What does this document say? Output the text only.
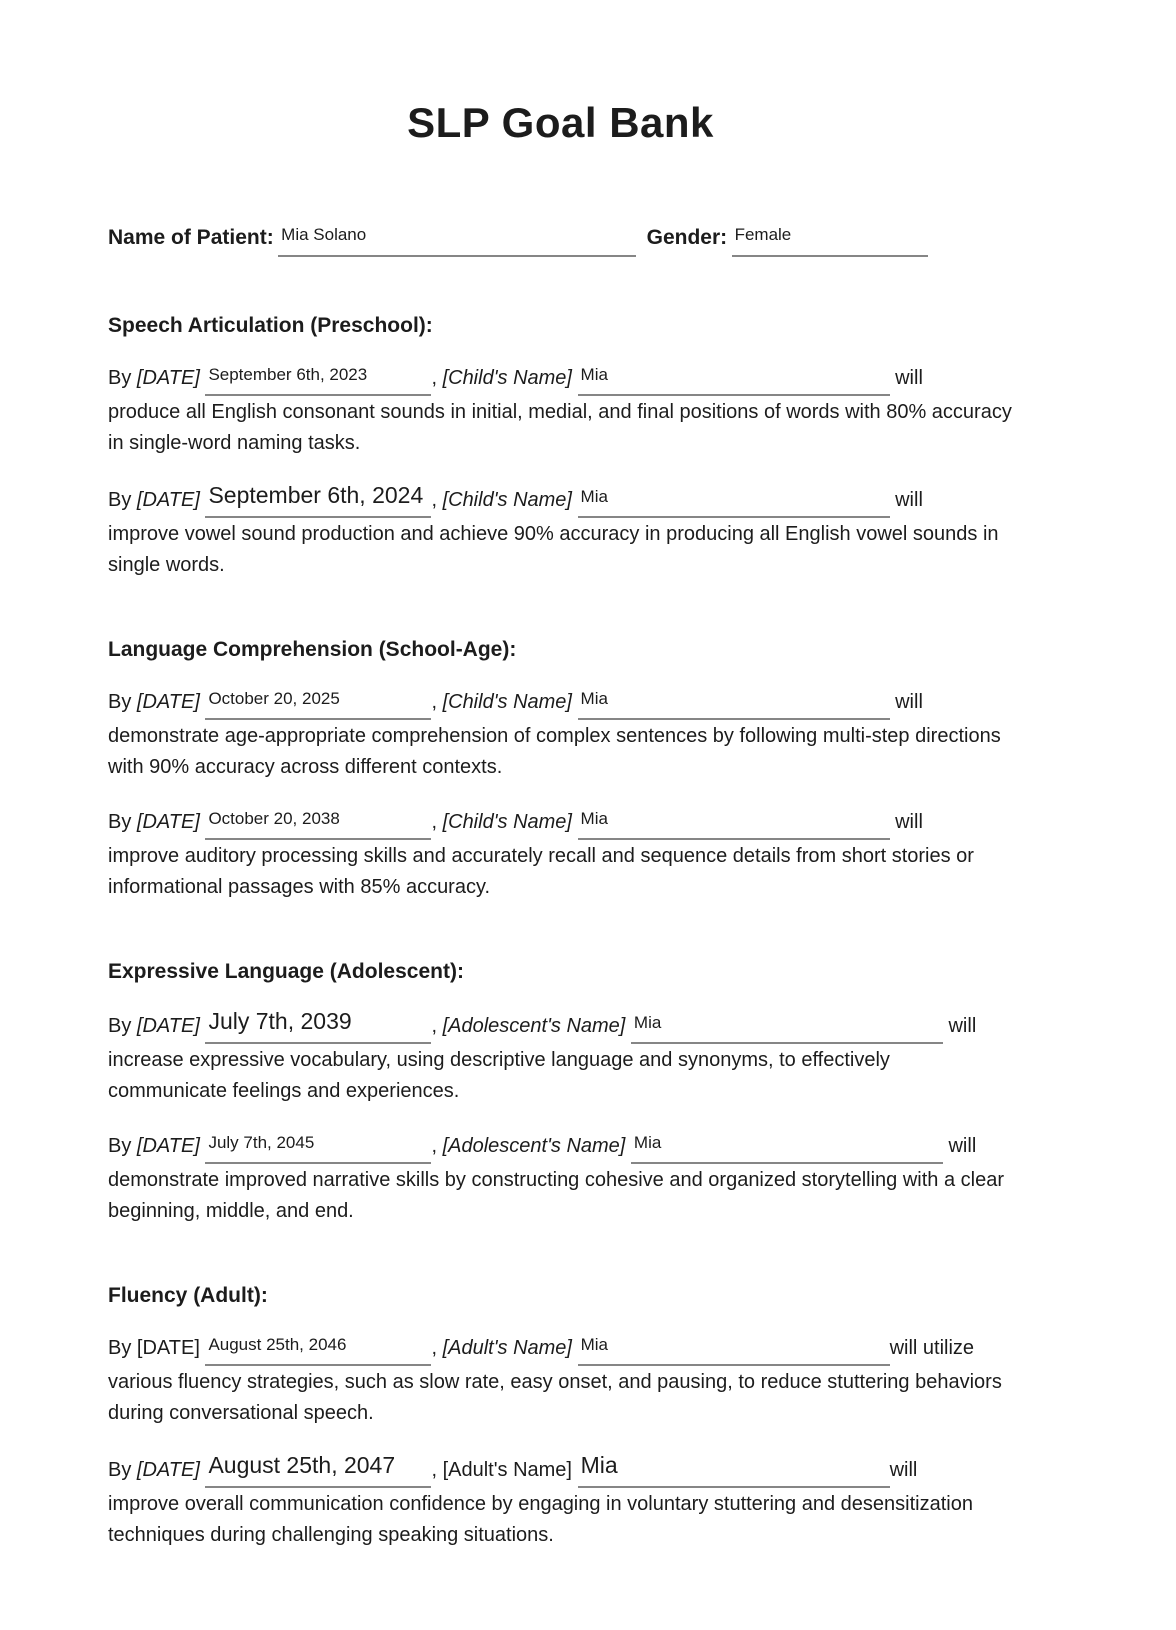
SLP Goal Bank
Name of Patient: Mia Solano	Gender: Female
Speech Articulation (Preschool):
By [DATE] September 6th, 2023	, [Child's Name] Mia	will
produce all English consonant sounds in initial, medial, and final positions of words with 80% accuracy in single-word naming tasks.
By [DATE] September 6th, 2024 , [Child's Name] Mia	will
improve vowel sound production and achieve 90% accuracy in producing all English vowel sounds in single words.
Language Comprehension (School-Age):
By [DATE] October 20, 2025	, [Child's Name] Mia	will
demonstrate age-appropriate comprehension of complex sentences by following multi-step directions with 90% accuracy across different contexts.
By [DATE] October 20, 2038	, [Child's Name] Mia	will
improve auditory processing skills and accurately recall and sequence details from short stories or informational passages with 85% accuracy.
Expressive Language (Adolescent):
By [DATE] July 7th, 2039	, [Adolescent's Name] Mia	will
increase expressive vocabulary, using descriptive language and synonyms, to effectively communicate feelings and experiences.
By [DATE] July 7th, 2045	, [Adolescent's Name] Mia	will
demonstrate improved narrative skills by constructing cohesive and organized storytelling with a clear beginning, middle, and end.
Fluency (Adult):
By [DATE] August 25th, 2046	, [Adult's Name] Mia	will utilize
various fluency strategies, such as slow rate, easy onset, and pausing, to reduce stuttering behaviors during conversational speech.
By [DATE] August 25th, 2047 , [Adult's Name] Mia	will
improve overall communication confidence by engaging in voluntary stuttering and desensitization techniques during challenging speaking situations.
